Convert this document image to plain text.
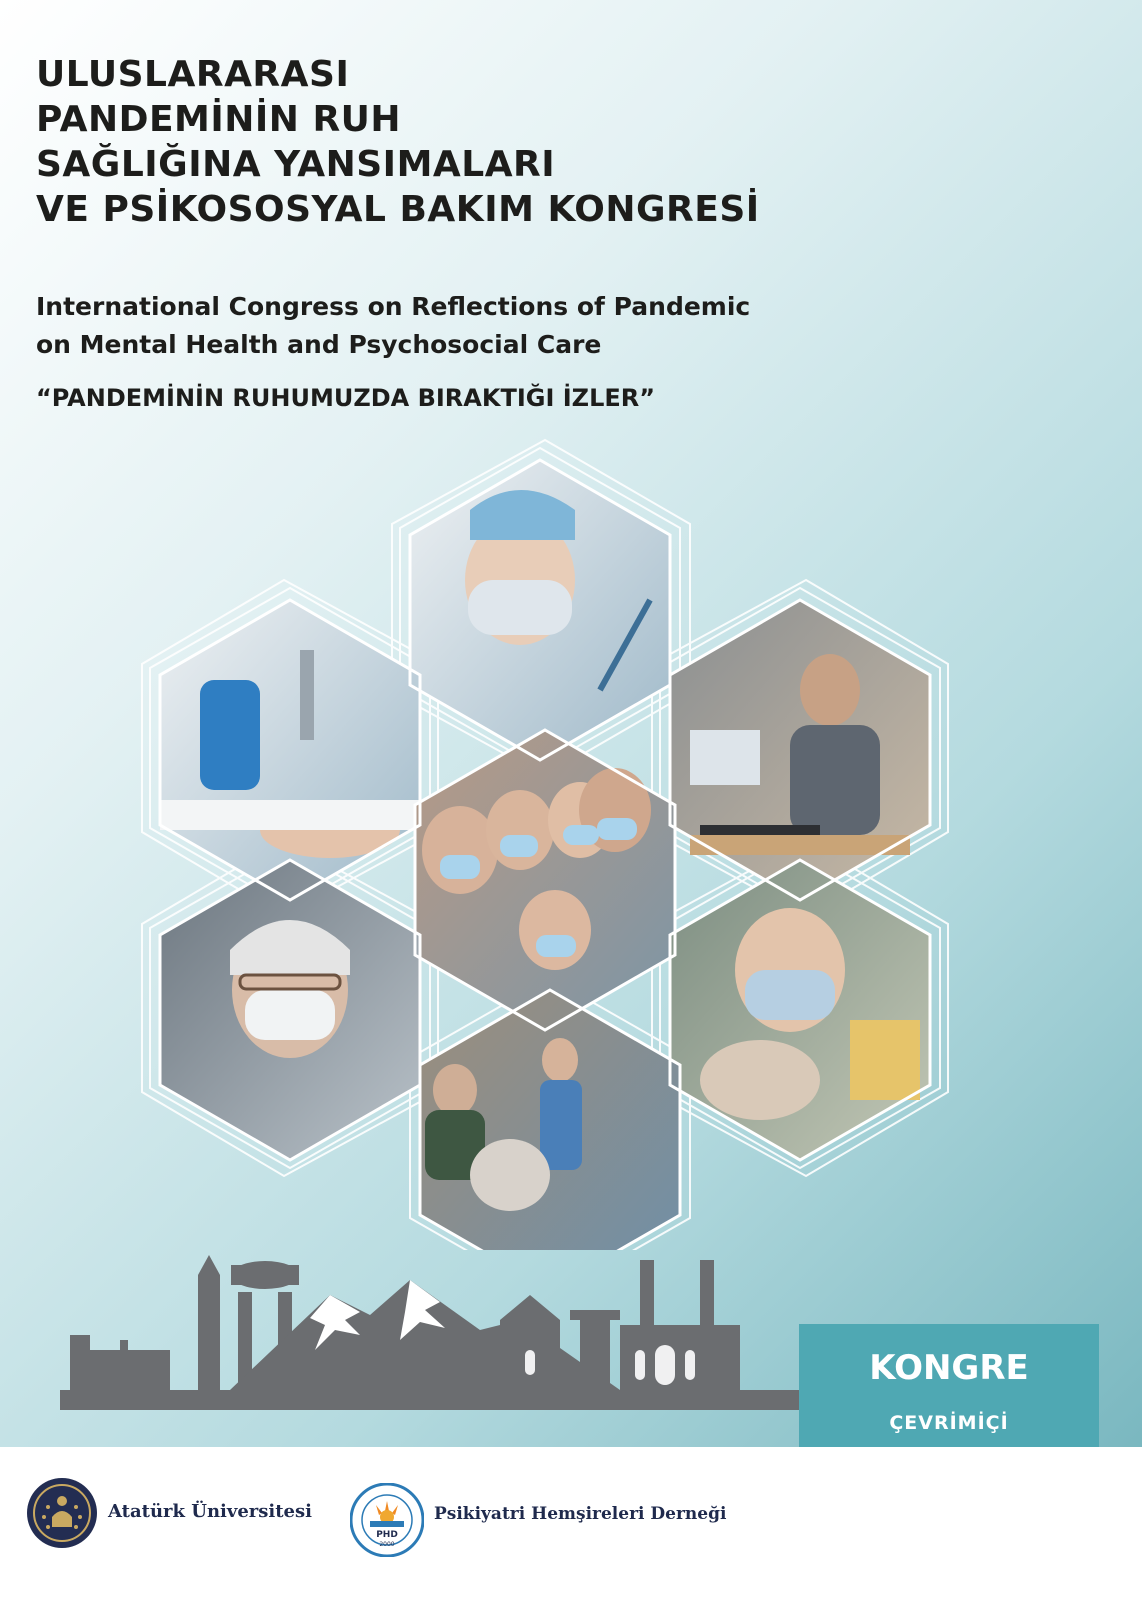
ULUSLARARASI
PANDEMİNİN RUH
SAĞLIĞINA YANSIMALARI
VE PSİKOSOSYAL BAKIM KONGRESİ
International Congress on Reflections of Pandemic
on Mental Health and Psychosocial Care
“PANDEMİNİN RUHUMUZDA BIRAKTIĞI İZLER”
KONGRE
ÇEVRİMİÇİ
Atatürk Üniversitesi
PHD
2000
Psikiyatri Hemşireleri Derneği
